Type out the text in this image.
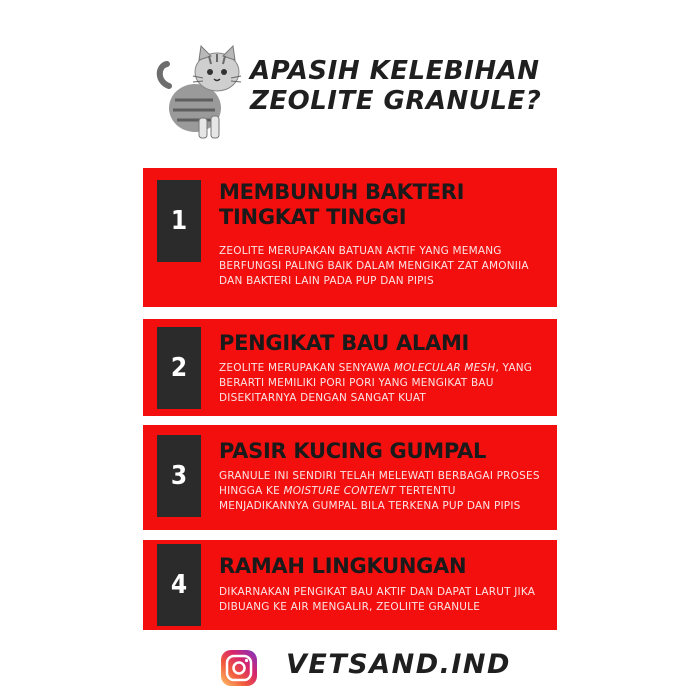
APASIH KELEBIHAN
ZEOLITE GRANULE?
1
MEMBUNUH BAKTERI TINGKAT TINGGI
ZEOLITE MERUPAKAN BATUAN AKTIF YANG MEMANG BERFUNGSI PALING BAIK DALAM MENGIKAT ZAT AMONIIA DAN BAKTERI LAIN PADA PUP DAN PIPIS
2
PENGIKAT BAU ALAMI
ZEOLITE MERUPAKAN SENYAWA MOLECULAR MESH, YANG BERARTI MEMILIKI PORI PORI YANG MENGIKAT BAU DISEKITARNYA DENGAN SANGAT KUAT
3
PASIR KUCING GUMPAL
GRANULE INI SENDIRI TELAH MELEWATI BERBAGAI PROSES HINGGA KE MOISTURE CONTENT TERTENTU MENJADIKANNYA GUMPAL BILA TERKENA PUP DAN PIPIS
4
RAMAH LINGKUNGAN
DIKARNAKAN PENGIKAT BAU AKTIF DAN DAPAT LARUT JIKA DIBUANG KE AIR MENGALIR, ZEOLIITE GRANULE
VETSAND.IND
